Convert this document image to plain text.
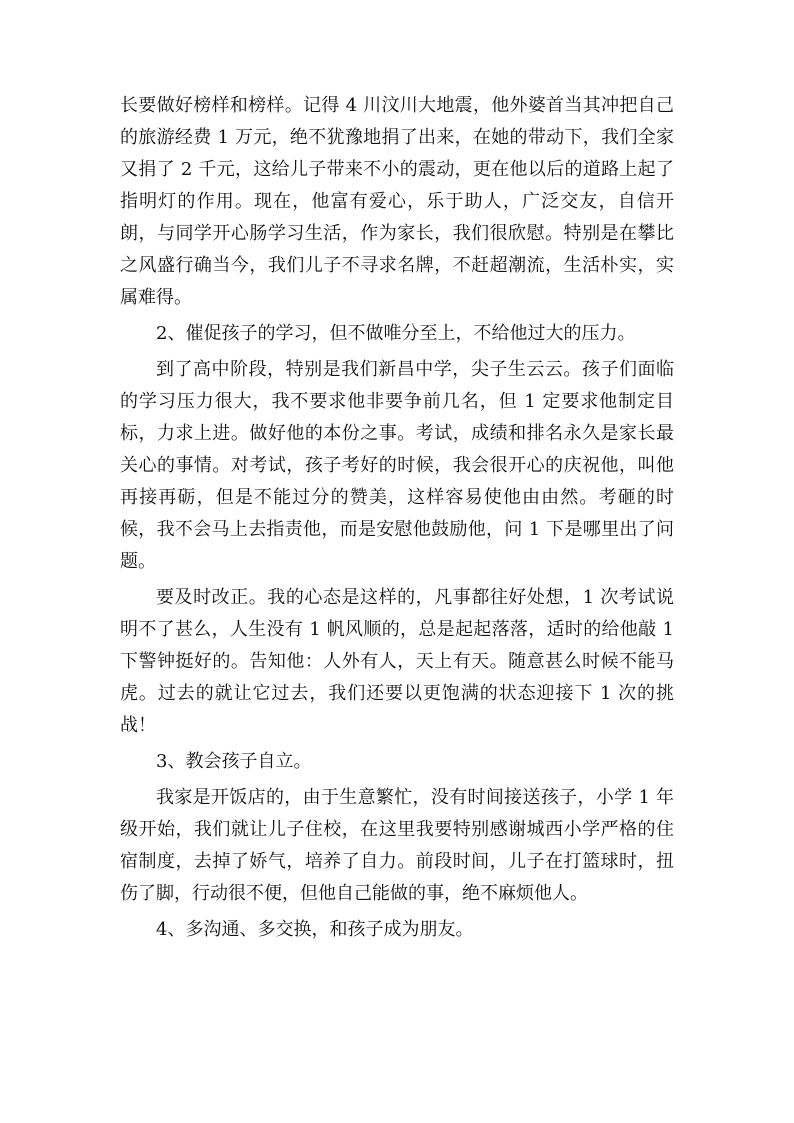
长要做好榜样和榜样。记得 4 川汶川大地震，他外婆首当其冲把自己的旅游经费 1 万元，绝不犹豫地捐了出来，在她的带动下，我们全家又捐了 2 千元，这给儿子带来不小的震动，更在他以后的道路上起了指明灯的作用。现在，他富有爱心，乐于助人，广泛交友，自信开朗，与同学开心肠学习生活，作为家长，我们很欣慰。特别是在攀比之风盛行确当今，我们儿子不寻求名牌，不赶超潮流，生活朴实，实属难得。

2、催促孩子的学习，但不做唯分至上，不给他过大的压力。

到了高中阶段，特别是我们新昌中学，尖子生云云。孩子们面临的学习压力很大，我不要求他非要争前几名，但 1 定要求他制定目标，力求上进。做好他的本份之事。考试，成绩和排名永久是家长最关心的事情。对考试，孩子考好的时候，我会很开心的庆祝他，叫他再接再砺，但是不能过分的赞美，这样容易使他由由然。考砸的时候，我不会马上去指责他，而是安慰他鼓励他，问 1 下是哪里出了问题。

要及时改正。我的心态是这样的，凡事都往好处想，1 次考试说明不了甚么，人生没有 1 帆风顺的，总是起起落落，适时的给他敲 1 下警钟挺好的。告知他：人外有人，天上有天。随意甚么时候不能马虎。过去的就让它过去，我们还要以更饱满的状态迎接下 1 次的挑战！

3、教会孩子自立。

我家是开饭店的，由于生意繁忙，没有时间接送孩子，小学 1 年级开始，我们就让儿子住校，在这里我要特别感谢城西小学严格的住宿制度，去掉了娇气，培养了自力。前段时间，儿子在打篮球时，扭伤了脚，行动很不便，但他自己能做的事，绝不麻烦他人。

4、多沟通、多交换，和孩子成为朋友。
